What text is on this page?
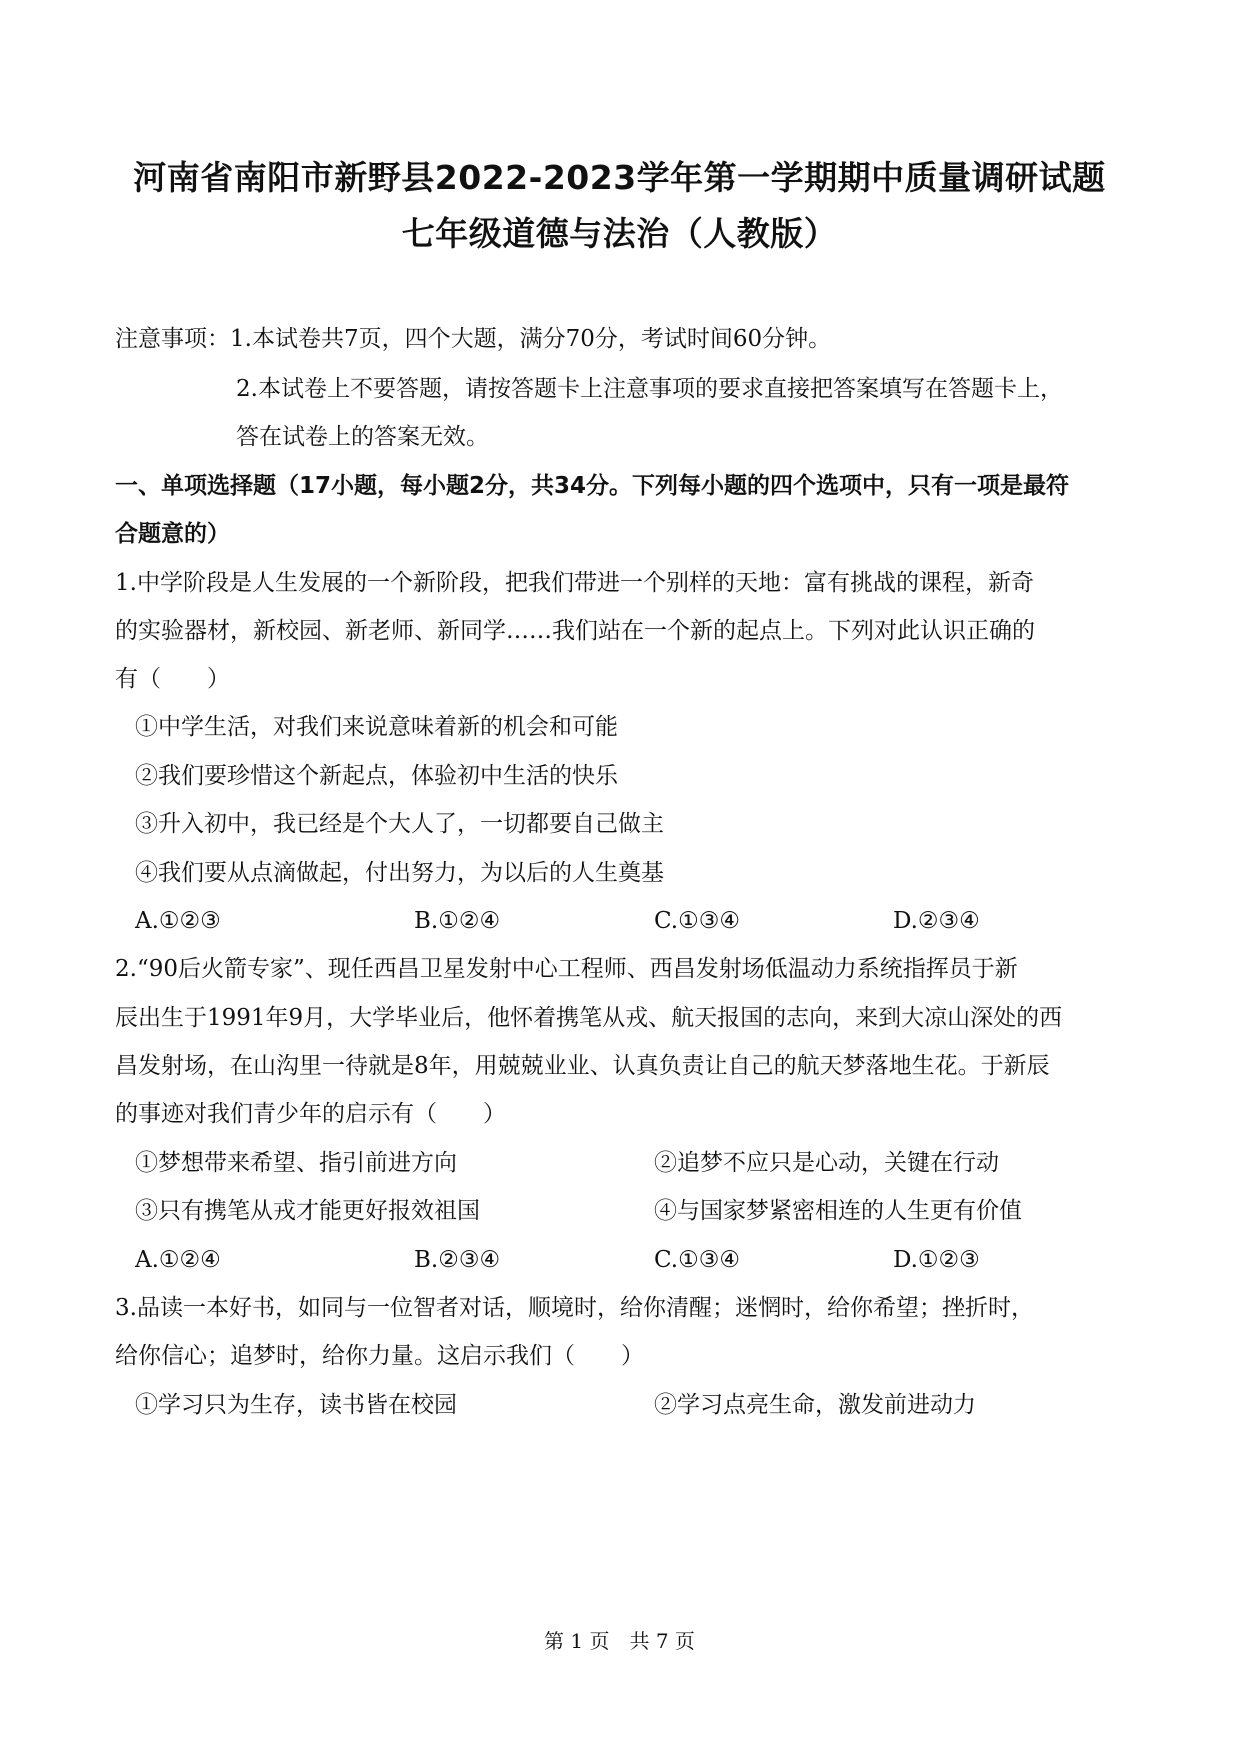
河南省南阳市新野县2022-2023学年第一学期期中质量调研试题
七年级道德与法治（人教版）
注意事项：1.本试卷共7页，四个大题，满分70分，考试时间60分钟。
2.本试卷上不要答题，请按答题卡上注意事项的要求直接把答案填写在答题卡上，
答在试卷上的答案无效。
一、单项选择题（17小题，每小题2分，共34分。下列每小题的四个选项中，只有一项是最符
合题意的）
1.中学阶段是人生发展的一个新阶段，把我们带进一个别样的天地：富有挑战的课程，新奇
的实验器材，新校园、新老师、新同学……我们站在一个新的起点上。下列对此认识正确的
有（　　）
①中学生活，对我们来说意味着新的机会和可能
②我们要珍惜这个新起点，体验初中生活的快乐
③升入初中，我已经是个大人了，一切都要自己做主
④我们要从点滴做起，付出努力，为以后的人生奠基
A.①②③	B.①②④	C.①③④	D.②③④
2.“90后火箭专家”、现任西昌卫星发射中心工程师、西昌发射场低温动力系统指挥员于新
辰出生于1991年9月，大学毕业后，他怀着携笔从戎、航天报国的志向，来到大凉山深处的西
昌发射场，在山沟里一待就是8年，用兢兢业业、认真负责让自己的航天梦落地生花。于新辰
的事迹对我们青少年的启示有（　　）
①梦想带来希望、指引前进方向	②追梦不应只是心动，关键在行动
③只有携笔从戎才能更好报效祖国	④与国家梦紧密相连的人生更有价值
A.①②④	B.②③④	C.①③④	D.①②③
3.品读一本好书，如同与一位智者对话，顺境时，给你清醒；迷惘时，给你希望；挫折时，
给你信心；追梦时，给你力量。这启示我们（　　）
①学习只为生存，读书皆在校园	②学习点亮生命，激发前进动力
第 1 页　共 7 页
